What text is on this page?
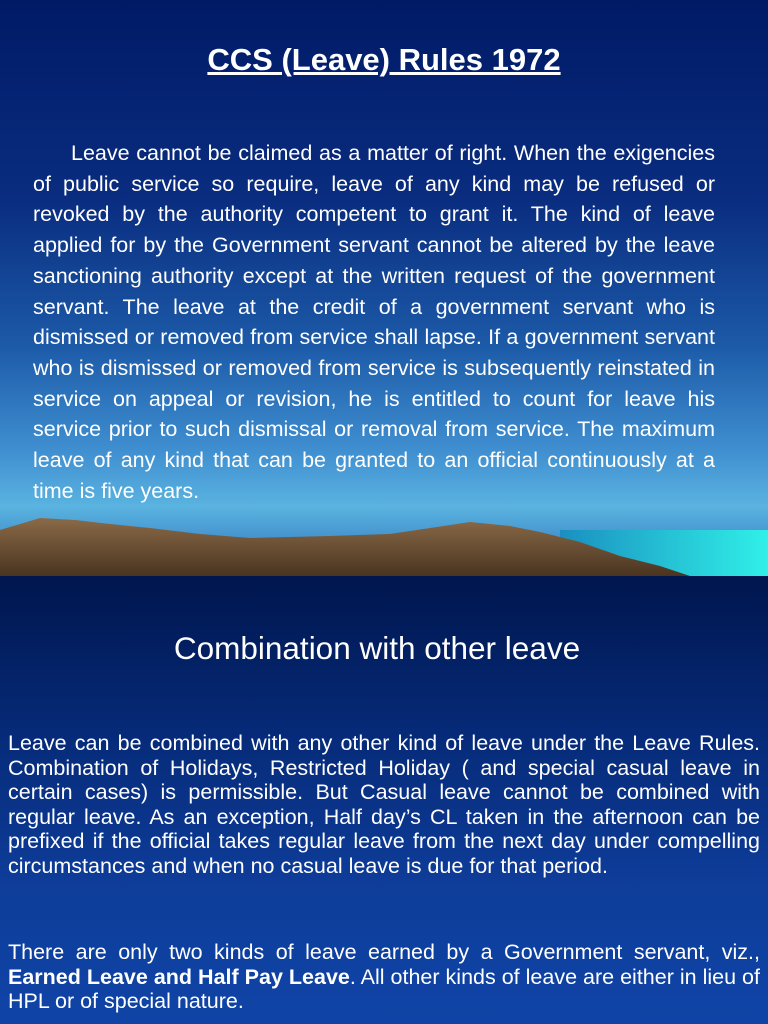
CCS (Leave) Rules 1972

Leave cannot be claimed as a matter of right. When the exigencies of public service so require, leave of any kind may be refused or revoked by the authority competent to grant it. The kind of leave applied for by the Government servant cannot be altered by the leave sanctioning authority except at the written request of the government servant. The leave at the credit of a government servant who is dismissed or removed from service shall lapse. If a government servant who is dismissed or removed from service is subsequently reinstated in service on appeal or revision, he is entitled to count for leave his service prior to such dismissal or removal from service. The maximum leave of any kind that can be granted to an official continuously at a time is five years.

Combination with other leave

Leave can be combined with any other kind of leave under the Leave Rules. Combination of Holidays, Restricted Holiday ( and special casual leave in certain cases) is permissible. But Casual leave cannot be combined with regular leave. As an exception, Half day’s CL taken in the afternoon can be prefixed if the official takes regular leave from the next day under compelling circumstances and when no casual leave is due for that period.

There are only two kinds of leave earned by a Government servant, viz., Earned Leave and Half Pay Leave. All other kinds of leave are either in lieu of HPL or of special nature.
